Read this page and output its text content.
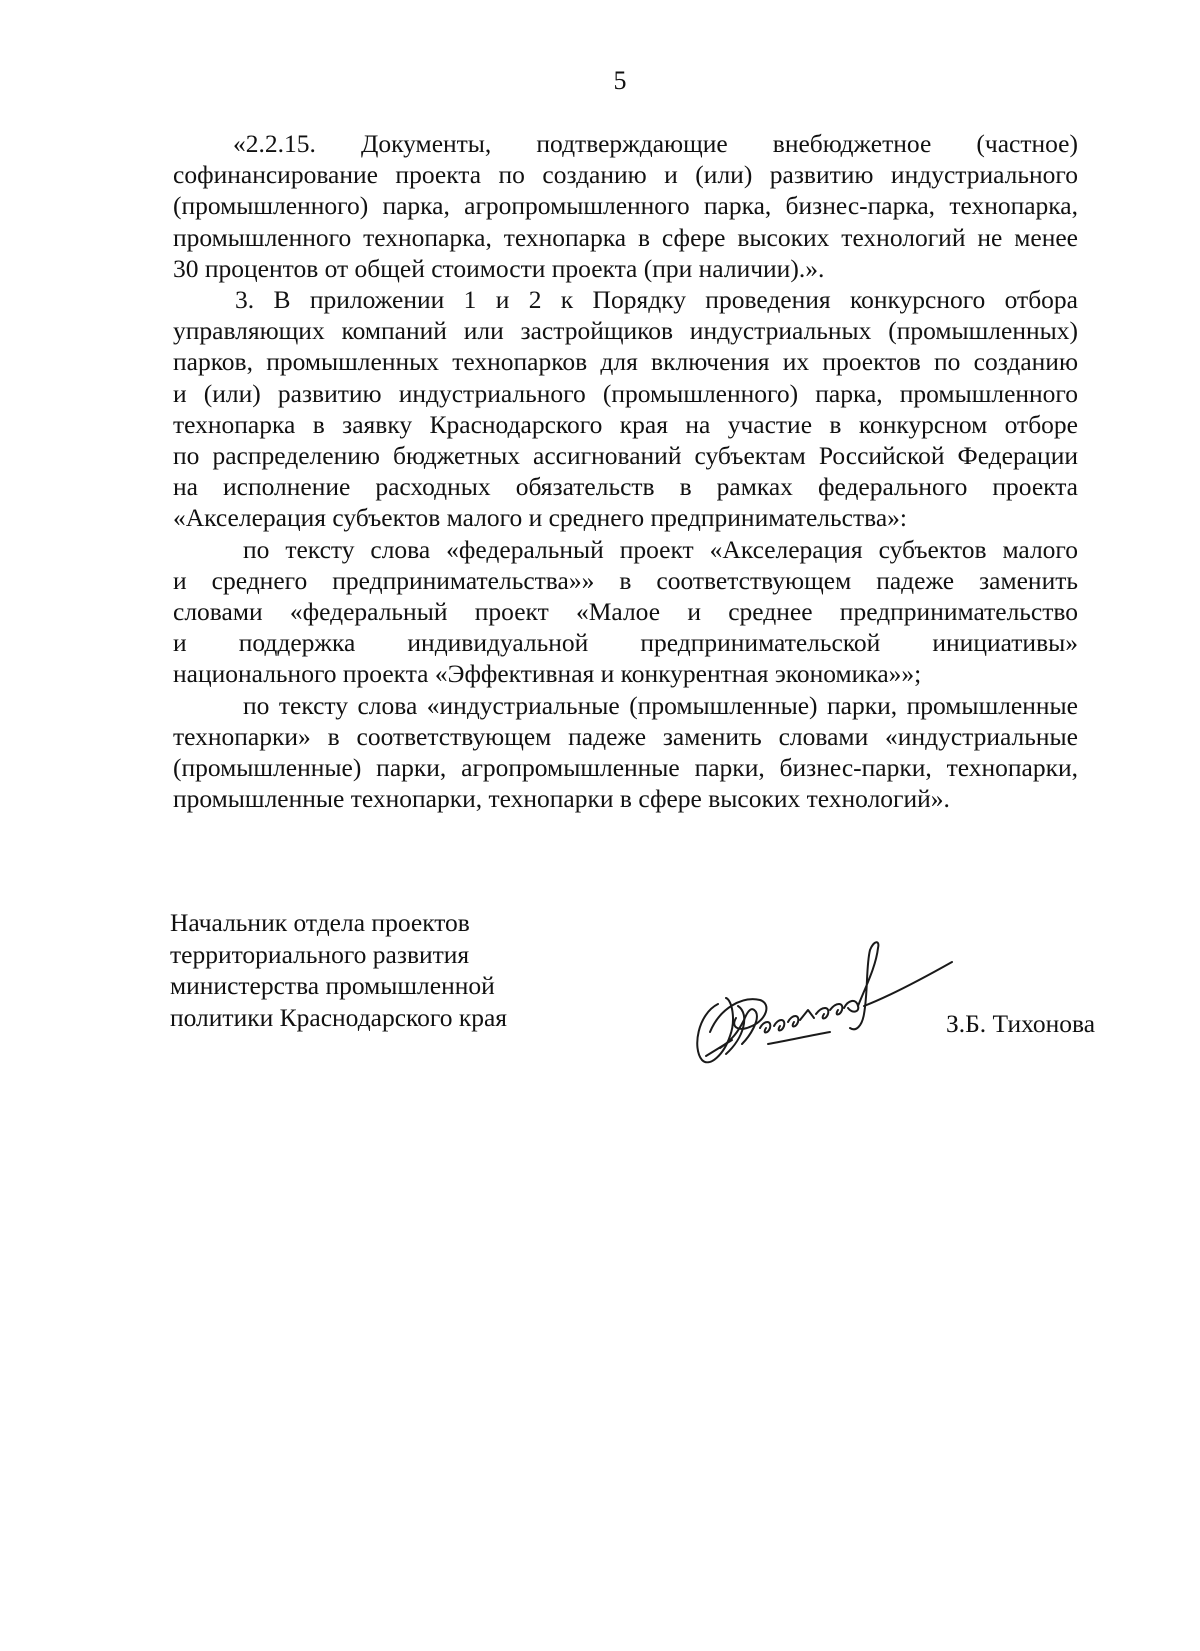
5
«2.2.15. Документы, подтверждающие внебюджетное (частное)
софинансирование проекта по созданию и (или) развитию индустриального
(промышленного) парка, агропромышленного парка, бизнес-парка, технопарка,
промышленного технопарка, технопарка в сфере высоких технологий не менее
30 процентов от общей стоимости проекта (при наличии).».
3. В приложении 1 и 2 к Порядку проведения конкурсного отбора
управляющих компаний или застройщиков индустриальных (промышленных)
парков, промышленных технопарков для включения их проектов по созданию
и (или) развитию индустриального (промышленного) парка, промышленного
технопарка в заявку Краснодарского края на участие в конкурсном отборе
по распределению бюджетных ассигнований субъектам Российской Федерации
на исполнение расходных обязательств в рамках федерального проекта
«Акселерация субъектов малого и среднего предпринимательства»:
по тексту слова «федеральный проект «Акселерация субъектов малого
и среднего предпринимательства»» в соответствующем падеже заменить
словами «федеральный проект «Малое и среднее предпринимательство
и поддержка индивидуальной предпринимательской инициативы»
национального проекта «Эффективная и конкурентная экономика»»;
по тексту слова «индустриальные (промышленные) парки, промышленные
технопарки» в соответствующем падеже заменить словами «индустриальные
(промышленные) парки, агропромышленные парки, бизнес-парки, технопарки,
промышленные технопарки, технопарки в сфере высоких технологий».
Начальник отдела проектов
территориального развития
министерства промышленной
политики Краснодарского края	З.Б. Тихонова
